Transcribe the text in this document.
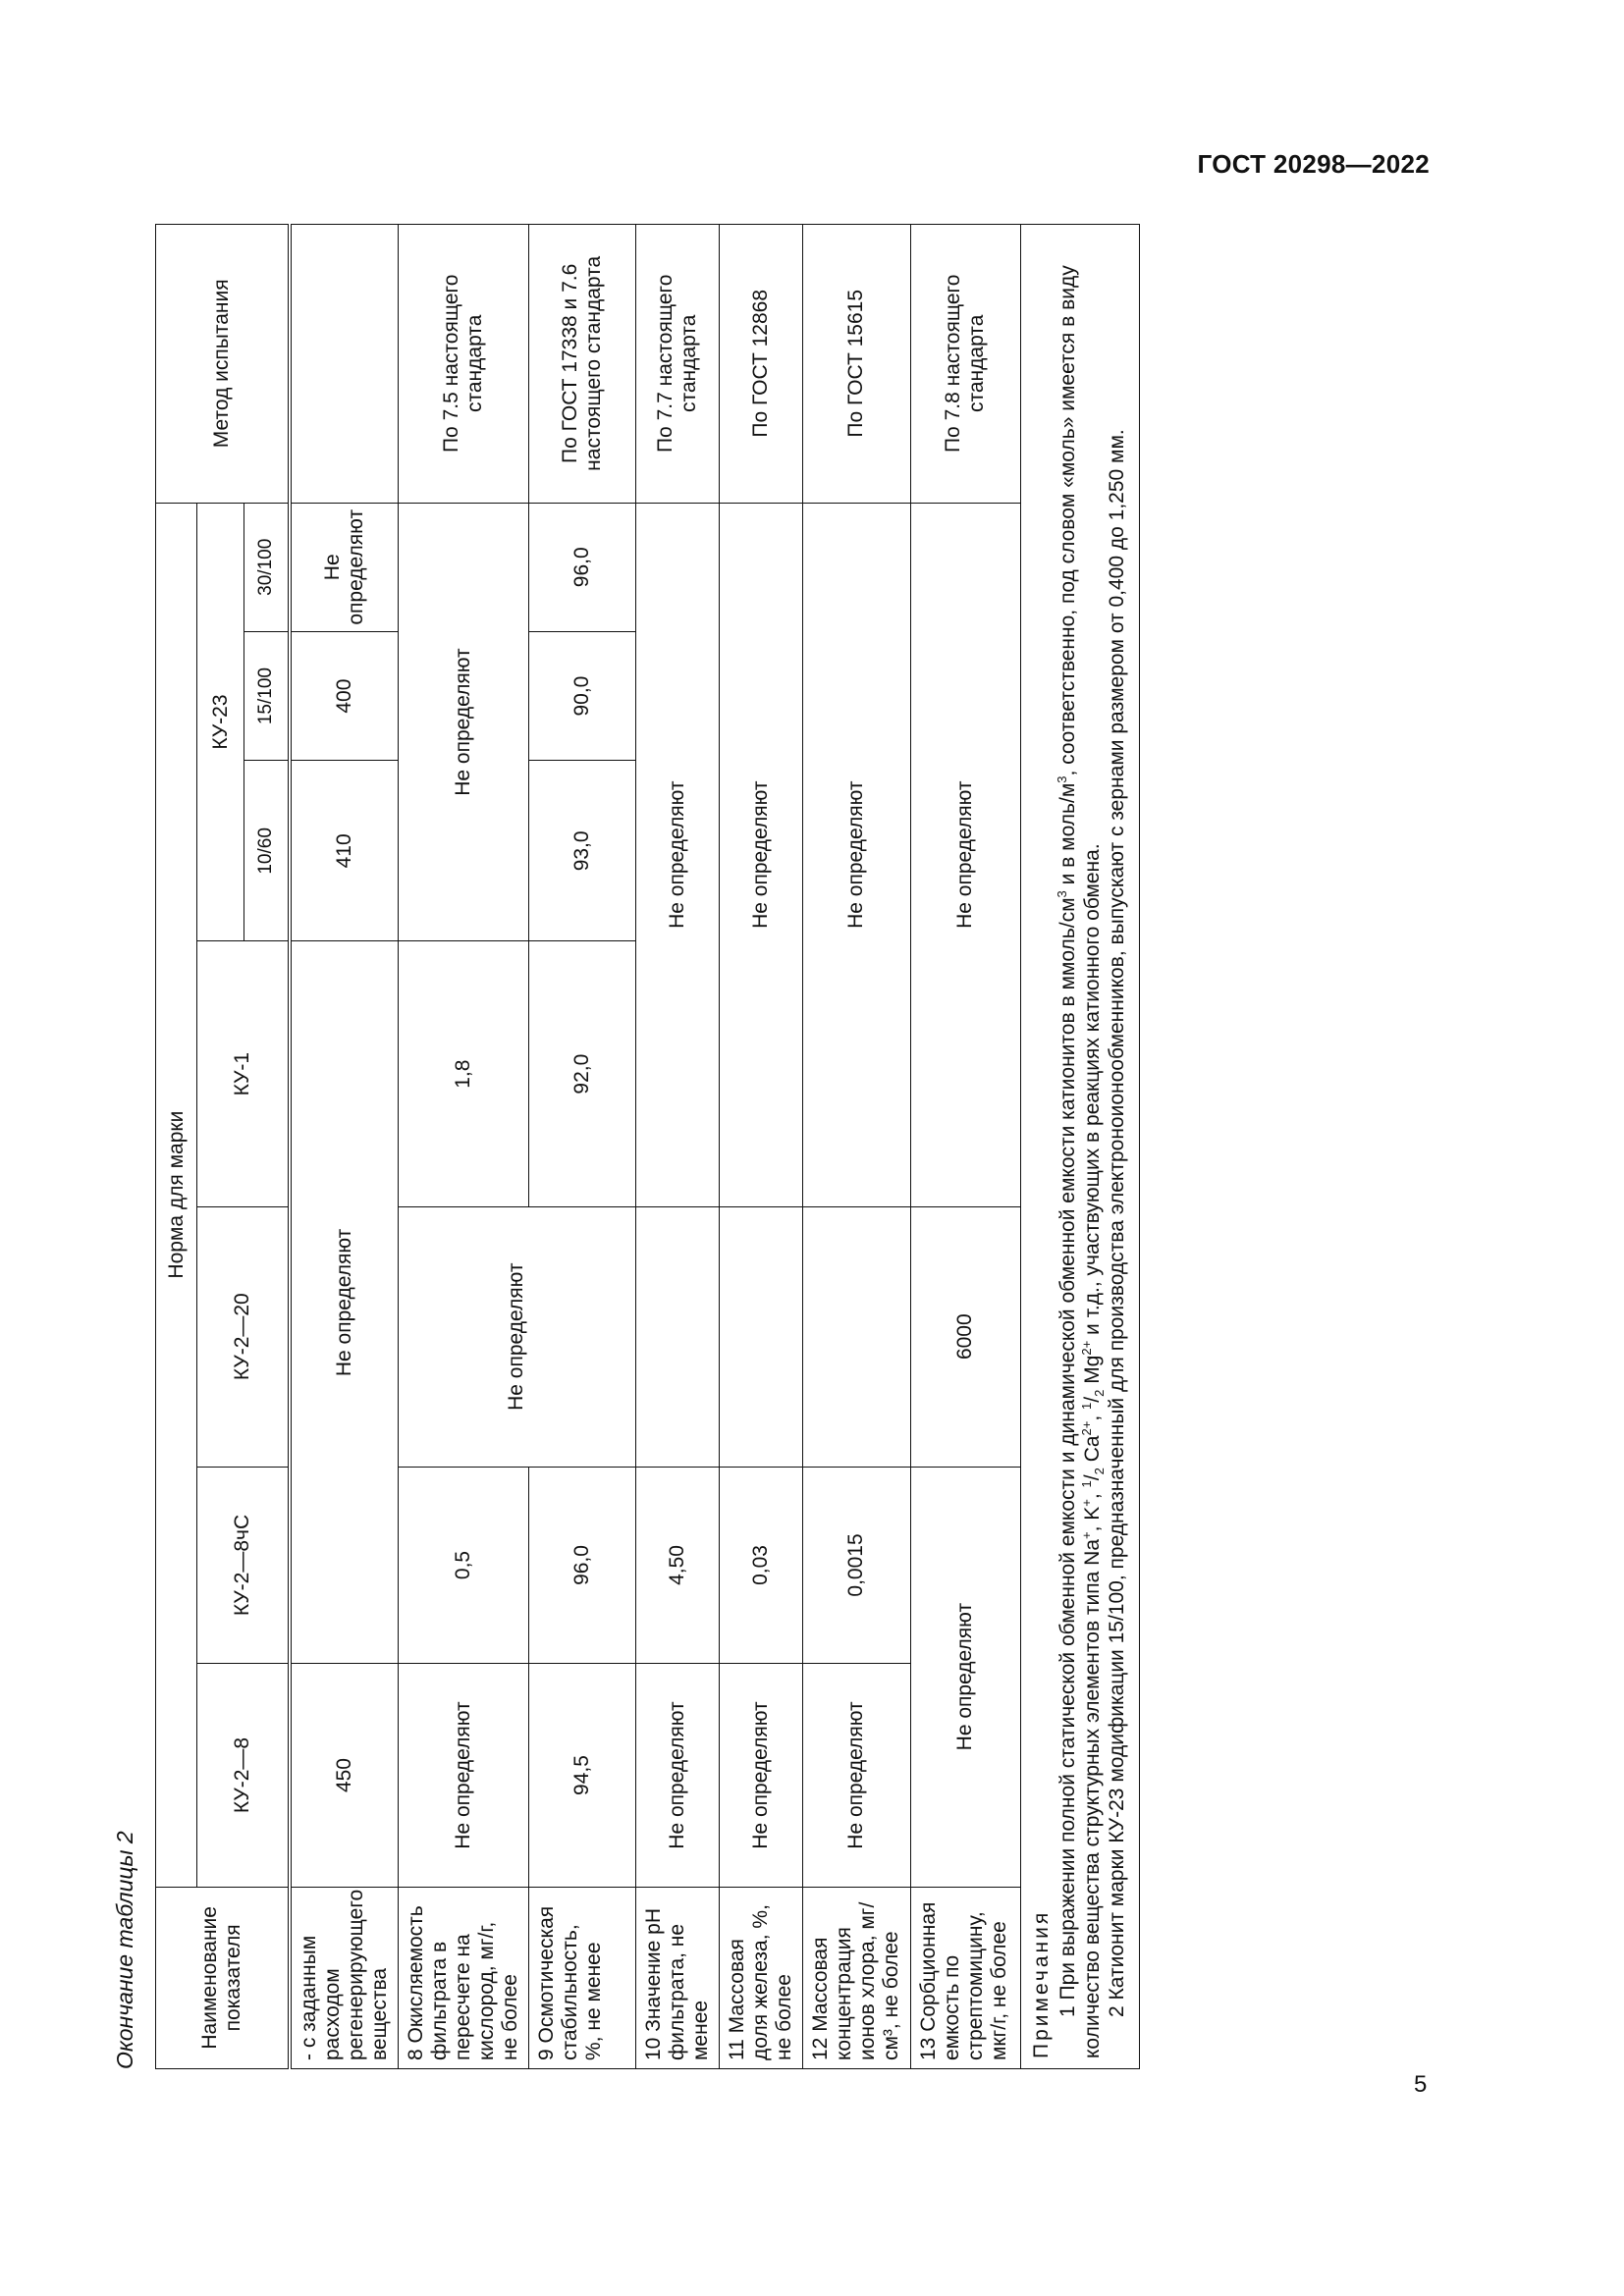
ГОСТ 20298—2022
Окончание таблицы 2	Наименование показателя	Норма для марки							Метод испытания
	КУ-2—8	КУ-2—8чС	КУ-2—20	КУ-1	КУ-23			
					10/60	15/100	30/100	
- с заданным расходом регенерирующего вещества	450	Не определяют			410	400	Не определяют	
8 Окисляемость фильтрата в пересчете на кислород, мг/г, не более	Не определяют	0,5	Не определяют	1,8	Не определяют			По 7.5 настоящего стандарта
9 Осмотическая стабильность, %, не менее	94,5	96,0		92,0	93,0	90,0	96,0	По ГОСТ 17338 и 7.6 настоящего стандарта
10 Значение pH фильтрата, не менее	Не определяют	4,50		Не определяют				По 7.7 настоящего стандарта
11 Массовая доля железа, %, не более	Не определяют	0,03		Не определяют				По ГОСТ 12868
12 Массовая концентрация ионов хлора, мг/см³, не более	Не определяют	0,0015		Не определяют				По ГОСТ 15615
13 Сорбционная емкость по стрептомицину, мкг/г, не более	Не определяют		6000	Не определяют				По 7.8 настоящего стандарта

Примечания 1 При выражении полной статической обменной емкости и динамической обменной емкости катионитов в ммоль/$см^3$ и в моль/$м^3$, соответственно, под словом «моль» имеется в виду количество вещества структурных элементов типа Na+, K+, $^1/_2$ $Ca^{2+}$, $^1/_2$ $Mg^{2+}$ и т.д., участвующих в реакциях катионного обмена. 2 Катионит марки КУ-23 модификации 15/100, предназначенный для производства электроноионообменников, выпускают с зернами размером от 0,400 до 1,250 мм.								

5
